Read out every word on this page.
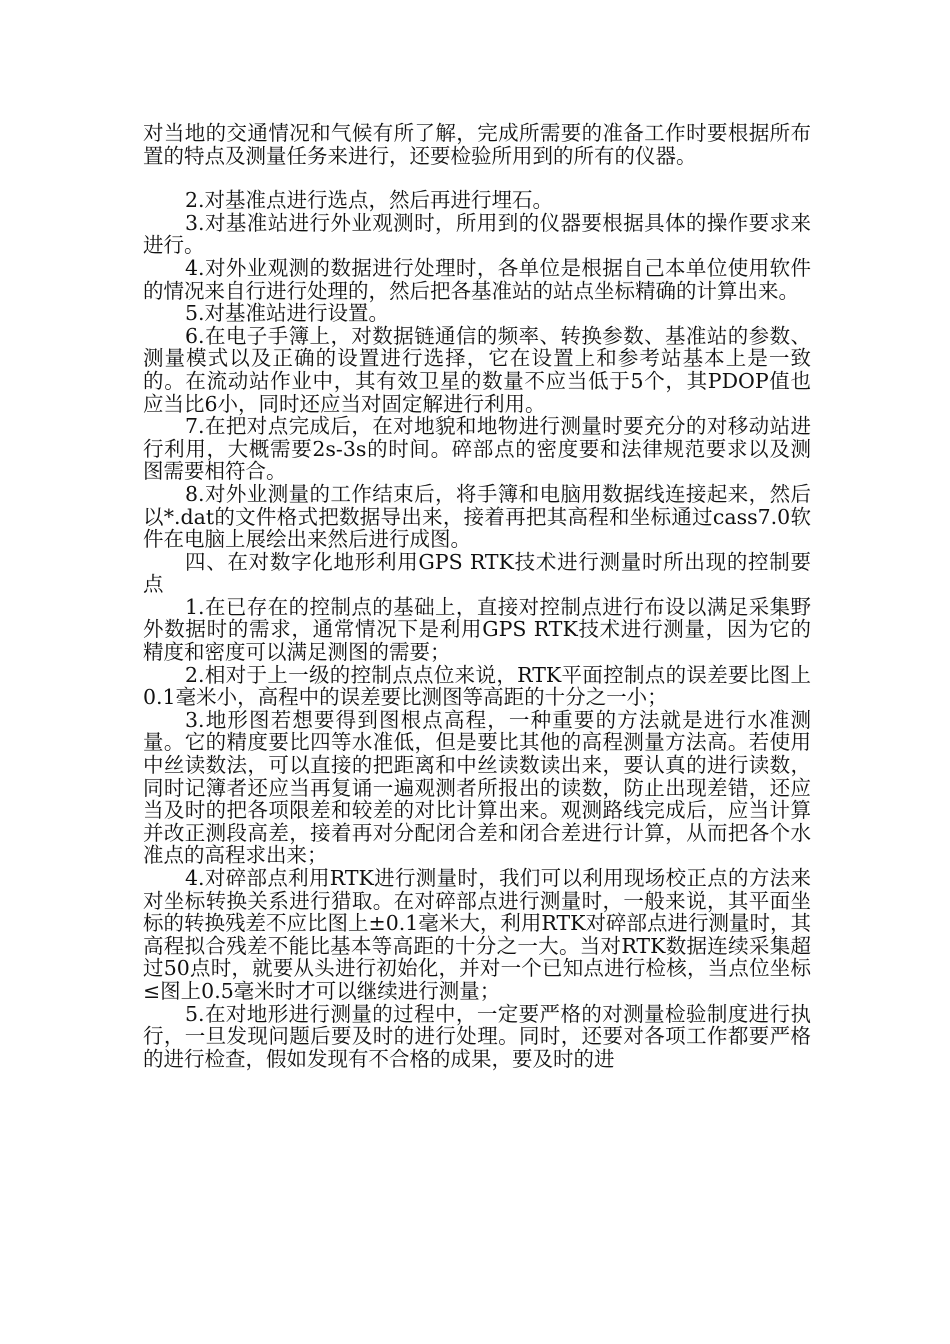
对当地的交通情况和气候有所了解，完成所需要的准备工作时要根据所布置的特点及测量任务来进行，还要检验所用到的所有的仪器。

2.对基准点进行选点，然后再进行埋石。

3.对基准站进行外业观测时，所用到的仪器要根据具体的操作要求来进行。

4.对外业观测的数据进行处理时，各单位是根据自己本单位使用软件的情况来自行进行处理的，然后把各基准站的站点坐标精确的计算出来。

5.对基准站进行设置。

6.在电子手簿上，对数据链通信的频率、转换参数、基准站的参数、测量模式以及正确的设置进行选择，它在设置上和参考站基本上是一致的。在流动站作业中，其有效卫星的数量不应当低于5个，其PDOP值也应当比6小，同时还应当对固定解进行利用。

7.在把对点完成后，在对地貌和地物进行测量时要充分的对移动站进行利用，大概需要2s-3s的时间。碎部点的密度要和法律规范要求以及测图需要相符合。

8.对外业测量的工作结束后，将手簿和电脑用数据线连接起来，然后以*.dat的文件格式把数据导出来，接着再把其高程和坐标通过cass7.0软件在电脑上展绘出来然后进行成图。

四、在对数字化地形利用GPS RTK技术进行测量时所出现的控制要点

1.在已存在的控制点的基础上，直接对控制点进行布设以满足采集野外数据时的需求，通常情况下是利用GPS RTK技术进行测量，因为它的精度和密度可以满足测图的需要；

2.相对于上一级的控制点点位来说，RTK平面控制点的误差要比图上0.1毫米小，高程中的误差要比测图等高距的十分之一小；

3.地形图若想要得到图根点高程，一种重要的方法就是进行水准测量。它的精度要比四等水准低，但是要比其他的高程测量方法高。若使用中丝读数法，可以直接的把距离和中丝读数读出来，要认真的进行读数，同时记簿者还应当再复诵一遍观测者所报出的读数，防止出现差错，还应当及时的把各项限差和较差的对比计算出来。观测路线完成后，应当计算并改正测段高差，接着再对分配闭合差和闭合差进行计算，从而把各个水准点的高程求出来；

4.对碎部点利用RTK进行测量时，我们可以利用现场校正点的方法来对坐标转换关系进行猎取。在对碎部点进行测量时，一般来说，其平面坐标的转换残差不应比图上±0.1毫米大，利用RTK对碎部点进行测量时，其高程拟合残差不能比基本等高距的十分之一大。当对RTK数据连续采集超过50点时，就要从头进行初始化，并对一个已知点进行检核，当点位坐标≤图上0.5毫米时才可以继续进行测量；

5.在对地形进行测量的过程中，一定要严格的对测量检验制度进行执行，一旦发现问题后要及时的进行处理。同时，还要对各项工作都要严格的进行检查，假如发现有不合格的成果，要及时的进
